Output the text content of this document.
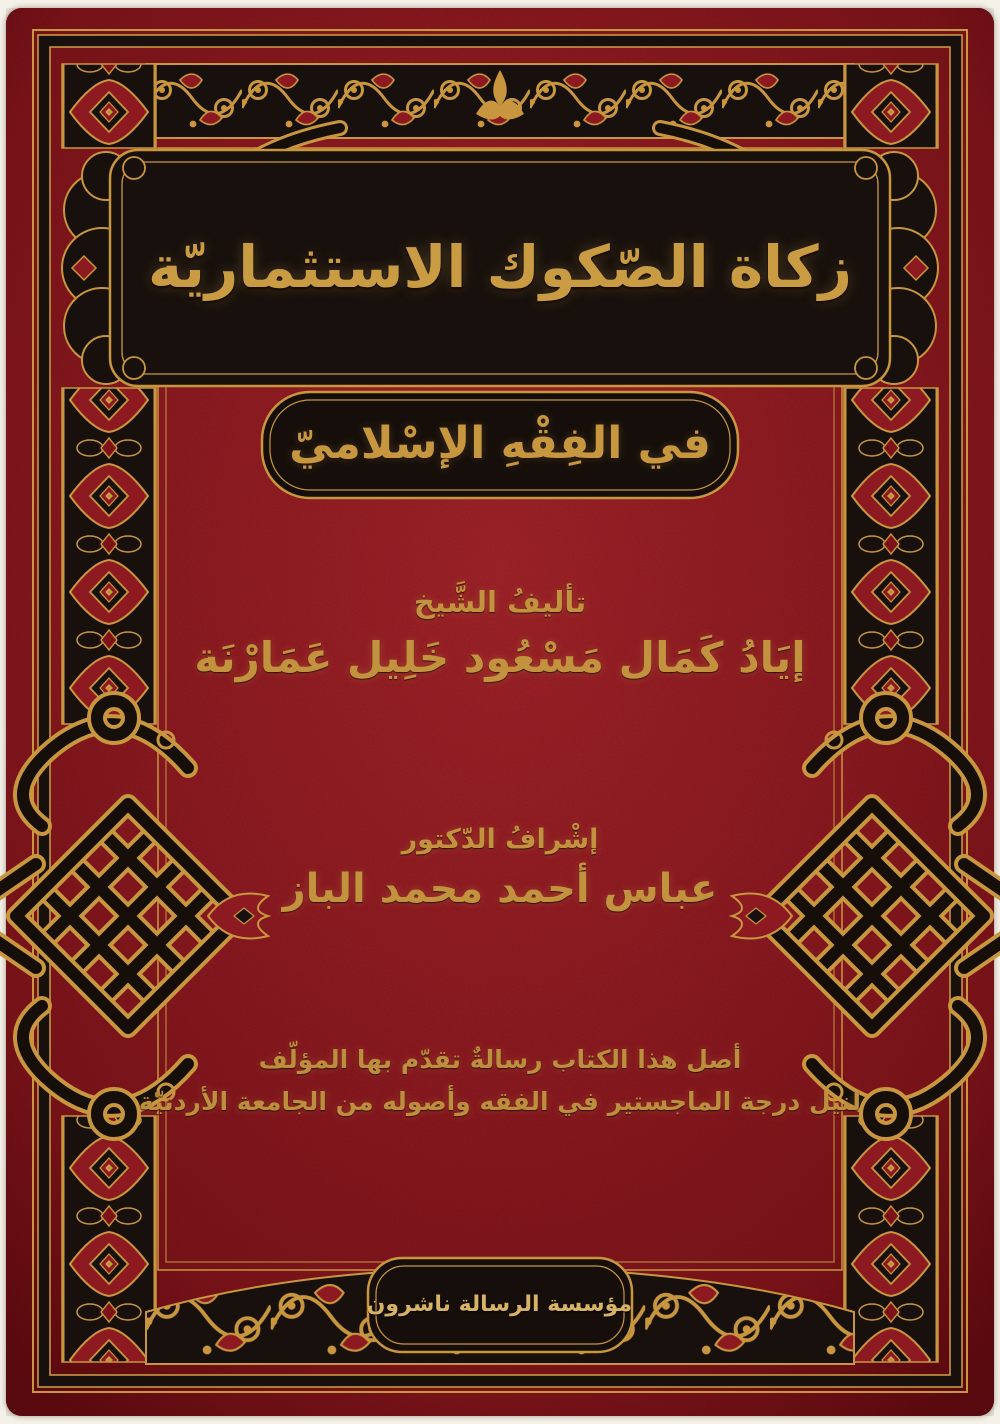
زكاة الصّكوك الاستثماريّة
في الفِقْهِ الإسْلاميّ
تأليفُ الشَّيخ
إيَادُ كَمَال مَسْعُود خَلِيل عَمَارْنَة
إشْرافُ الدّكتور
عباس أحمد محمد الباز
أصل هذا الكتاب رسالةٌ تقدّم بها المؤلّف
لنيل درجة الماجستير في الفقه وأصوله من الجامعة الأردنيّة
مؤسسة الرسالة ناشرون
